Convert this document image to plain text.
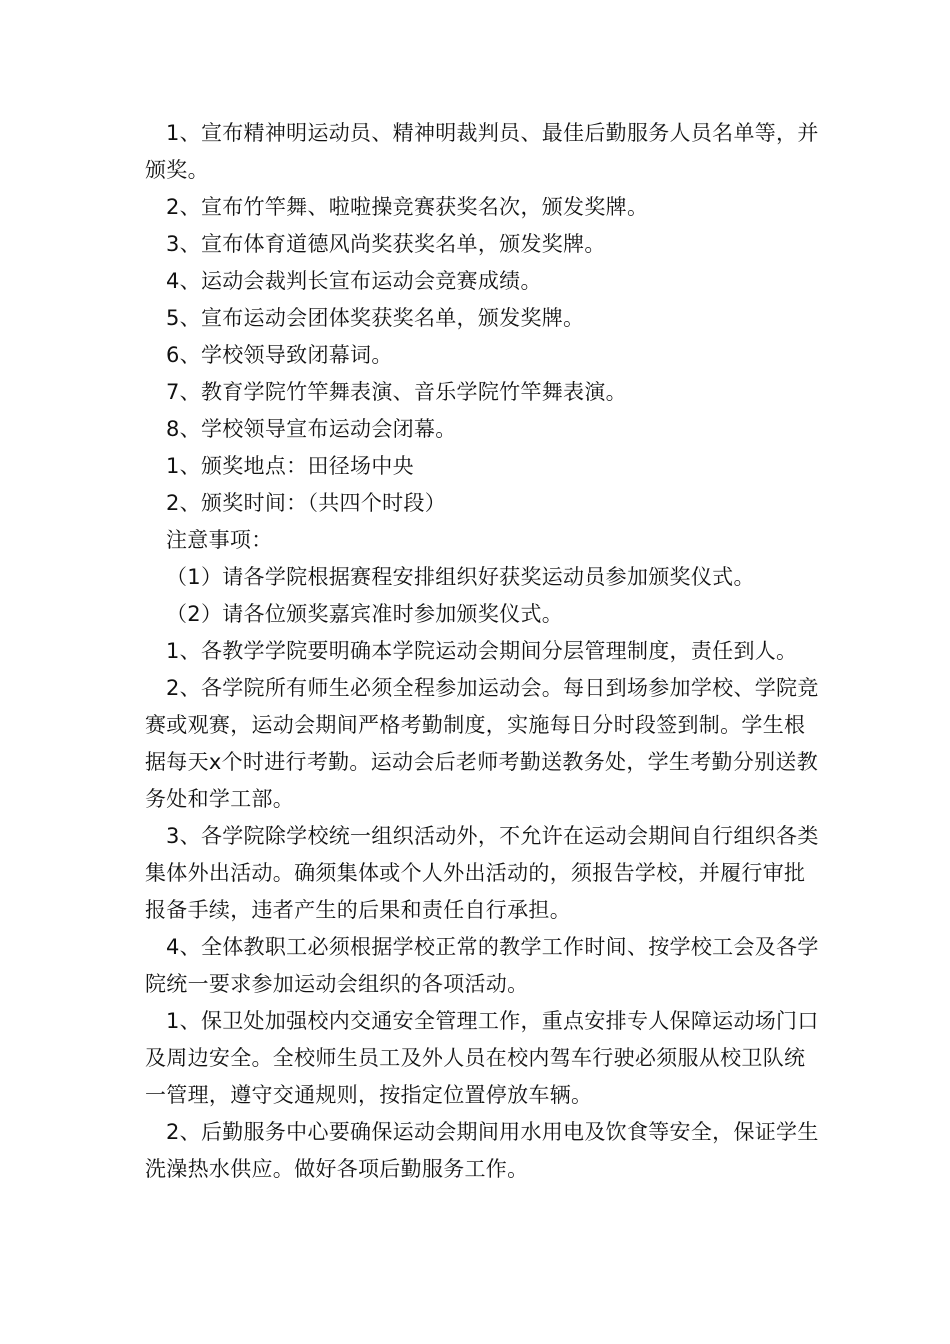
1、宣布精神明运动员、精神明裁判员、最佳后勤服务人员名单等，并颁奖。

2、宣布竹竿舞、啦啦操竞赛获奖名次，颁发奖牌。

3、宣布体育道德风尚奖获奖名单，颁发奖牌。

4、运动会裁判长宣布运动会竞赛成绩。

5、宣布运动会团体奖获奖名单，颁发奖牌。

6、学校领导致闭幕词。

7、教育学院竹竿舞表演、音乐学院竹竿舞表演。

8、学校领导宣布运动会闭幕。

1、颁奖地点：田径场中央

2、颁奖时间：（共四个时段）

注意事项：

（1）请各学院根据赛程安排组织好获奖运动员参加颁奖仪式。

（2）请各位颁奖嘉宾准时参加颁奖仪式。

1、各教学学院要明确本学院运动会期间分层管理制度，责任到人。

2、各学院所有师生必须全程参加运动会。每日到场参加学校、学院竞赛或观赛，运动会期间严格考勤制度，实施每日分时段签到制。学生根据每天x个时进行考勤。运动会后老师考勤送教务处，学生考勤分别送教务处和学工部。

3、各学院除学校统一组织活动外，不允许在运动会期间自行组织各类集体外出活动。确须集体或个人外出活动的，须报告学校，并履行审批报备手续，违者产生的后果和责任自行承担。

4、全体教职工必须根据学校正常的教学工作时间、按学校工会及各学院统一要求参加运动会组织的各项活动。

1、保卫处加强校内交通安全管理工作，重点安排专人保障运动场门口及周边安全。全校师生员工及外人员在校内驾车行驶必须服从校卫队统一管理，遵守交通规则，按指定位置停放车辆。

2、后勤服务中心要确保运动会期间用水用电及饮食等安全，保证学生洗澡热水供应。做好各项后勤服务工作。
